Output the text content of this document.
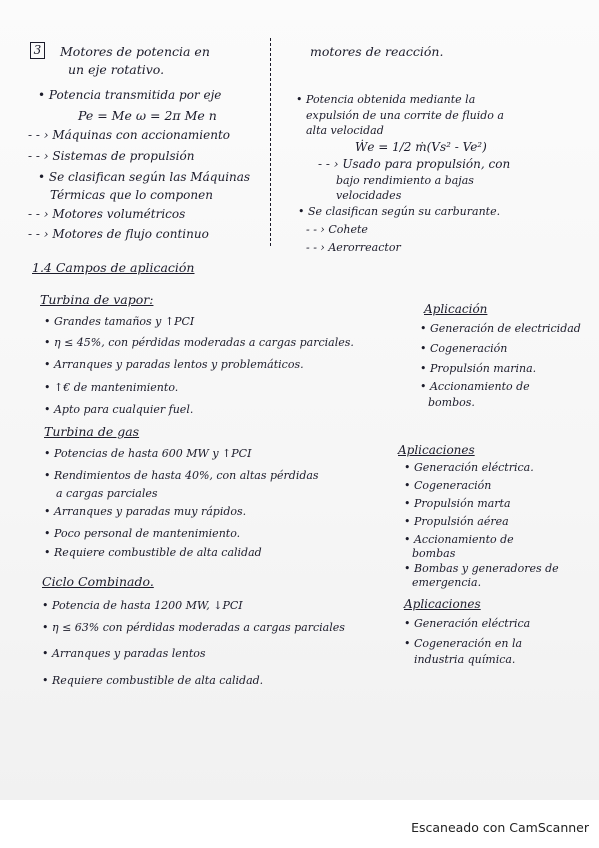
3 Motores de potencia en
un eje rotativo.
• Potencia transmitida por eje
Pe = Me ω = 2π Me n
- - › Máquinas con accionamiento
- - › Sistemas de propulsión
• Se clasifican según las Máquinas
Térmicas que lo componen
- - › Motores volumétricos
- - › Motores de flujo continuo
motores de reacción.
• Potencia obtenida mediante la
expulsión de una corrite de fluido a
alta velocidad
Ẇe = 1/2 ṁ(Vs² - Ve²)
- - › Usado para propulsión, con
bajo rendimiento a bajas
velocidades
• Se clasifican según su carburante.
- - › Cohete
- - › Aerorreactor
1.4 Campos de aplicación
Turbina de vapor:
• Grandes tamaños y ↑PCI
• η ≤ 45%, con pérdidas moderadas a cargas parciales.
• Arranques y paradas lentos y problemáticos.
• ↑€ de mantenimiento.
• Apto para cualquier fuel.
Aplicación
• Generación de electricidad
• Cogeneración
• Propulsión marina.
• Accionamiento de
bombos.
Turbina de gas
• Potencias de hasta 600 MW y ↑PCI
• Rendimientos de hasta 40%, con altas pérdidas
a cargas parciales
• Arranques y paradas muy rápidos.
• Poco personal de mantenimiento.
• Requiere combustible de alta calidad
Aplicaciones
• Generación eléctrica.
• Cogeneración
• Propulsión marta
• Propulsión aérea
• Accionamiento de
bombas
• Bombas y generadores de
emergencia.
Ciclo Combinado.
• Potencia de hasta 1200 MW, ↓PCI
• η ≤ 63% con pérdidas moderadas a cargas parciales
• Arranques y paradas lentos
• Requiere combustible de alta calidad.
Aplicaciones
• Generación eléctrica
• Cogeneración en la
industria química.
Escaneado con CamScanner
